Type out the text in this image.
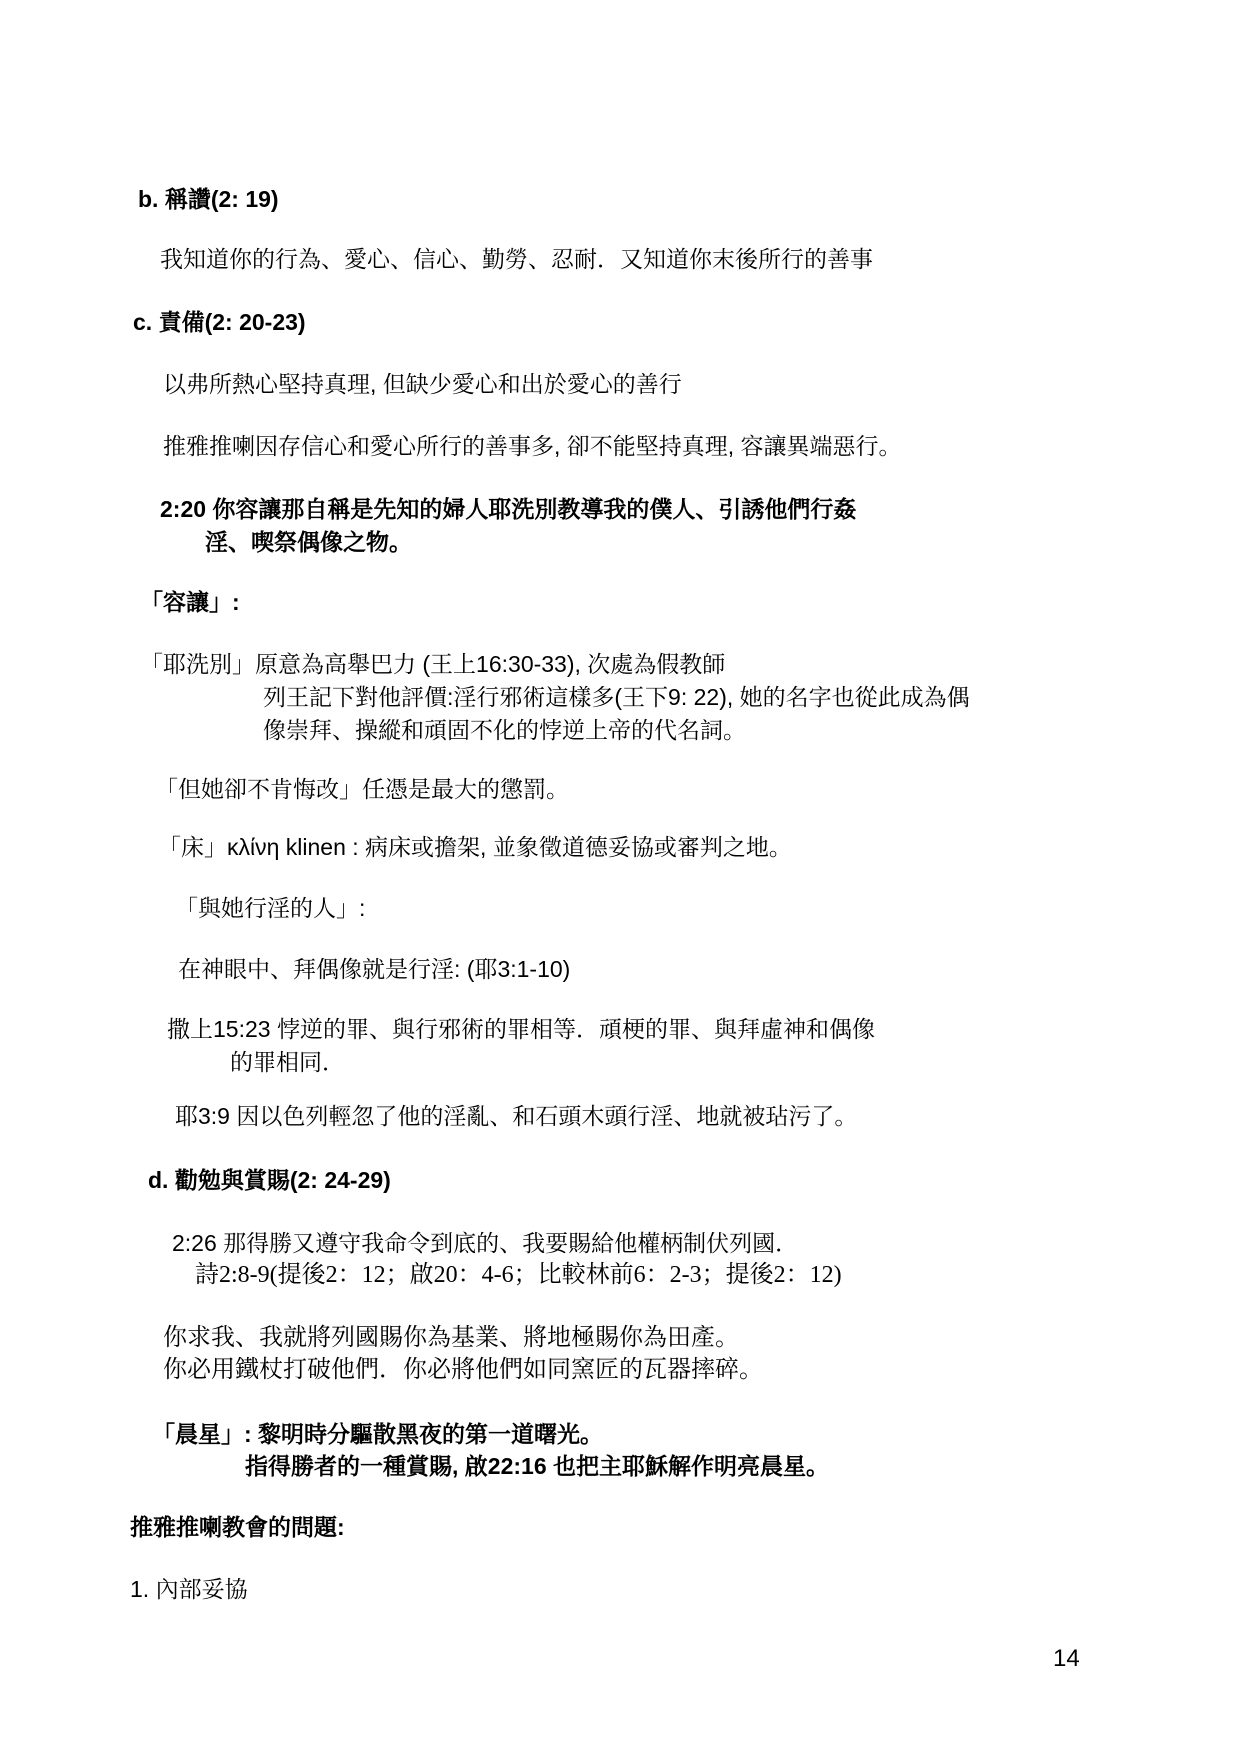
b. 稱讚(2: 19)
我知道你的行為、愛心、信心、勤勞、忍耐．又知道你末後所行的善事
c. 責備(2: 20-23)
以弗所熱心堅持真理, 但缺少愛心和出於愛心的善行
推雅推喇因存信心和愛心所行的善事多, 卻不能堅持真理, 容讓異端惡行。
2:20 你容讓那自稱是先知的婦人耶洗別教導我的僕人、引誘他們行姦
淫、喫祭偶像之物。
「容讓」:
「耶洗別」原意為高舉巴力 (王上16:30-33), 次處為假教師
列王記下對他評價:淫行邪術這樣多(王下9: 22), 她的名字也從此成為偶
像崇拜、操縱和頑固不化的悖逆上帝的代名詞。
「但她卻不肯悔改」任憑是最大的懲罰。
「床」κλίνη klinen : 病床或擔架, 並象徵道德妥協或審判之地。
「與她行淫的人」:
在神眼中、拜偶像就是行淫: (耶3:1-10)
撒上15:23 悖逆的罪、與行邪術的罪相等．頑梗的罪、與拜虛神和偶像
的罪相同．
耶3:9 因以色列輕忽了他的淫亂、和石頭木頭行淫、地就被玷污了。
d. 勸勉與賞賜(2: 24-29)
2:26 那得勝又遵守我命令到底的、我要賜給他權柄制伏列國．
詩2:8-9(提後2：12；啟20：4-6；比較林前6：2-3；提後2：12)
你求我、我就將列國賜你為基業、將地極賜你為田產。
你必用鐵杖打破他們．你必將他們如同窯匠的瓦器摔碎。
「晨星」: 黎明時分驅散黑夜的第一道曙光。
指得勝者的一種賞賜, 啟22:16 也把主耶穌解作明亮晨星。
推雅推喇教會的問題:
1. 內部妥協
14
